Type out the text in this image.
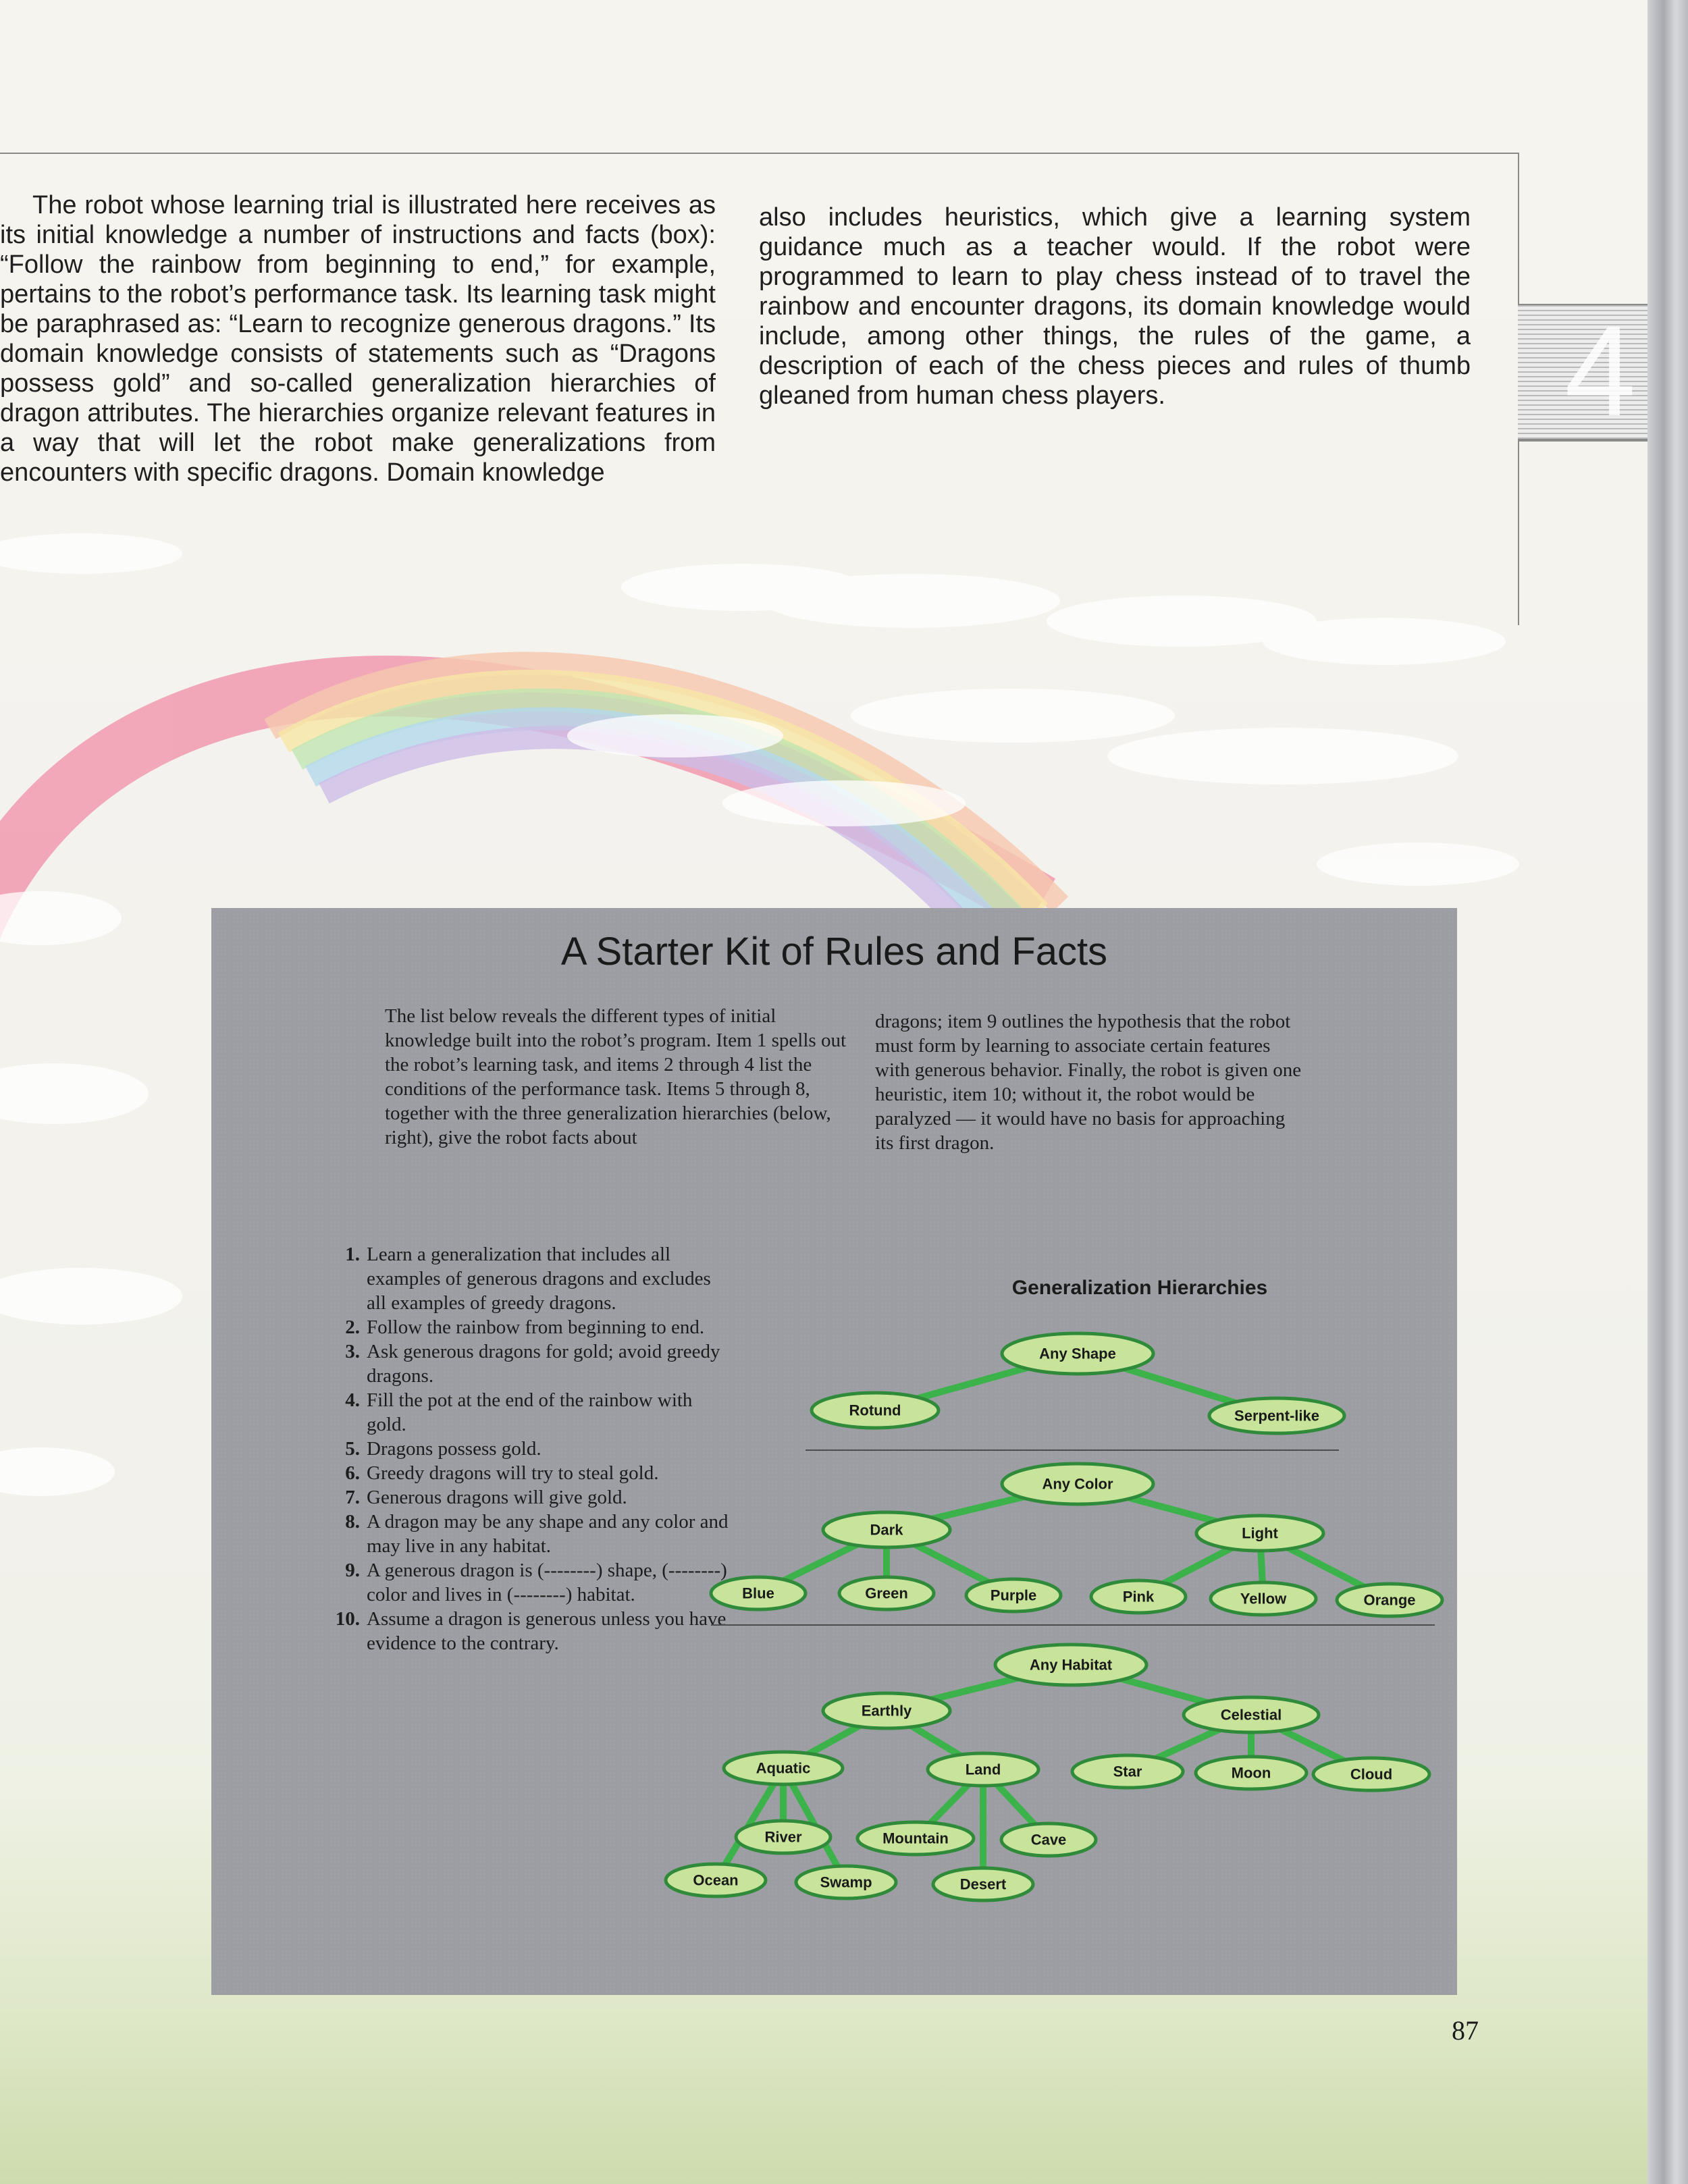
4

The robot whose learning trial is illustrated here receives as its initial knowledge a number of instructions and facts (box): “Follow the rainbow from beginning to end,” for example, pertains to the robot’s performance task. Its learning task might be paraphrased as: “Learn to recognize generous dragons.” Its domain knowledge consists of statements such as “Dragons possess gold” and so-called generalization hierarchies of dragon attributes. The hierarchies organize relevant features in a way that will let the robot make generalizations from encounters with specific dragons. Domain knowledge

also includes heuristics, which give a learning system guidance much as a teacher would. If the robot were programmed to learn to play chess instead of to travel the rainbow and encounter dragons, its domain knowledge would include, among other things, the rules of the game, a description of each of the chess pieces and rules of thumb gleaned from human chess players.

A Starter Kit of Rules and Facts

The list below reveals the different types of initial knowledge built into the robot’s program. Item 1 spells out the robot’s learning task, and items 2 through 4 list the conditions of the performance task. Items 5 through 8, together with the three generalization hierarchies (below, right), give the robot facts about

dragons; item 9 outlines the hypothesis that the robot must form by learning to associate certain features with generous behavior. Finally, the robot is given one heuristic, item 10; without it, the robot would be paralyzed — it would have no basis for approaching its first dragon.

1. Learn a generalization that includes all examples of generous dragons and excludes all examples of greedy dragons.
2. Follow the rainbow from beginning to end.
3. Ask generous dragons for gold; avoid greedy dragons.
4. Fill the pot at the end of the rainbow with gold.
5. Dragons possess gold.
6. Greedy dragons will try to steal gold.
7. Generous dragons will give gold.
8. A dragon may be any shape and any color and may live in any habitat.
9. A generous dragon is (--------) shape, (--------) color and lives in (--------) habitat.
10. Assume a dragon is generous unless you have evidence to the contrary.
Generalization Hierarchies
Any Shape
Rotund	Serpent-like
Any Color
Dark	Light
Blue	Green	Purple	Pink	Yellow	Orange
Any Habitat
Earthly	Celestial
Aquatic	Land	Star	Moon	Cloud
Ocean
River
Swamp
Mountain
Desert
Cave
87
